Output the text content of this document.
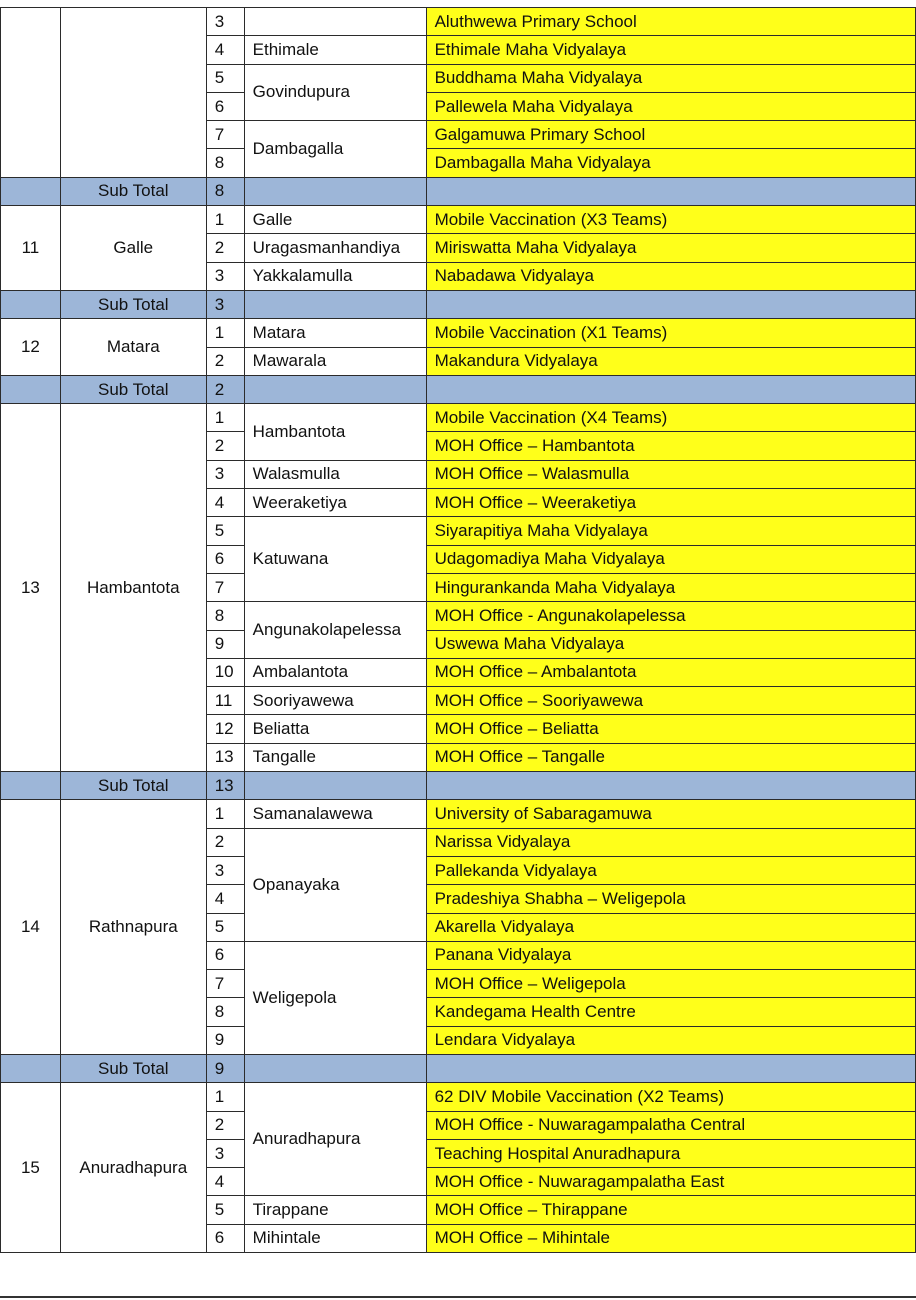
		3		Aluthwewa Primary School
		4	Ethimale	Ethimale Maha Vidyalaya
		5	Govindupura	Buddhama Maha Vidyalaya
		6		Pallewela Maha Vidyalaya
		7	Dambagalla	Galgamuwa Primary School
		8		Dambagalla Maha Vidyalaya
	Sub Total	8		
11	Galle	1	Galle	Mobile Vaccination (X3 Teams)
		2	Uragasmanhandiya	Miriswatta Maha Vidyalaya
		3	Yakkalamulla	Nabadawa Vidyalaya
	Sub Total	3		
12	Matara	1	Matara	Mobile Vaccination (X1 Teams)
		2	Mawarala	Makandura Vidyalaya
	Sub Total	2		
13	Hambantota	1	Hambantota	Mobile Vaccination (X4 Teams)
		2		MOH Office – Hambantota
		3	Walasmulla	MOH Office – Walasmulla
		4	Weeraketiya	MOH Office – Weeraketiya
		5	Katuwana	Siyarapitiya Maha Vidyalaya
		6		Udagomadiya Maha Vidyalaya
		7		Hingurankanda Maha Vidyalaya
		8	Angunakolapelessa	MOH Office - Angunakolapelessa
		9		Uswewa Maha Vidyalaya
		10	Ambalantota	MOH Office – Ambalantota
		11	Sooriyawewa	MOH Office – Sooriyawewa
		12	Beliatta	MOH Office – Beliatta
		13	Tangalle	MOH Office – Tangalle
	Sub Total	13		
14	Rathnapura	1	Samanalawewa	University of Sabaragamuwa
		2	Opanayaka	Narissa Vidyalaya
		3		Pallekanda Vidyalaya
		4		Pradeshiya Shabha – Weligepola
		5		Akarella Vidyalaya
		6	Weligepola	Panana Vidyalaya
		7		MOH Office – Weligepola
		8		Kandegama Health Centre
		9		Lendara Vidyalaya
	Sub Total	9		
15	Anuradhapura	1	Anuradhapura	62 DIV Mobile Vaccination (X2 Teams)
		2		MOH Office - Nuwaragampalatha Central
		3		Teaching Hospital Anuradhapura
		4		MOH Office - Nuwaragampalatha East
		5	Tirappane	MOH Office – Thirappane
		6	Mihintale	MOH Office – Mihintale
